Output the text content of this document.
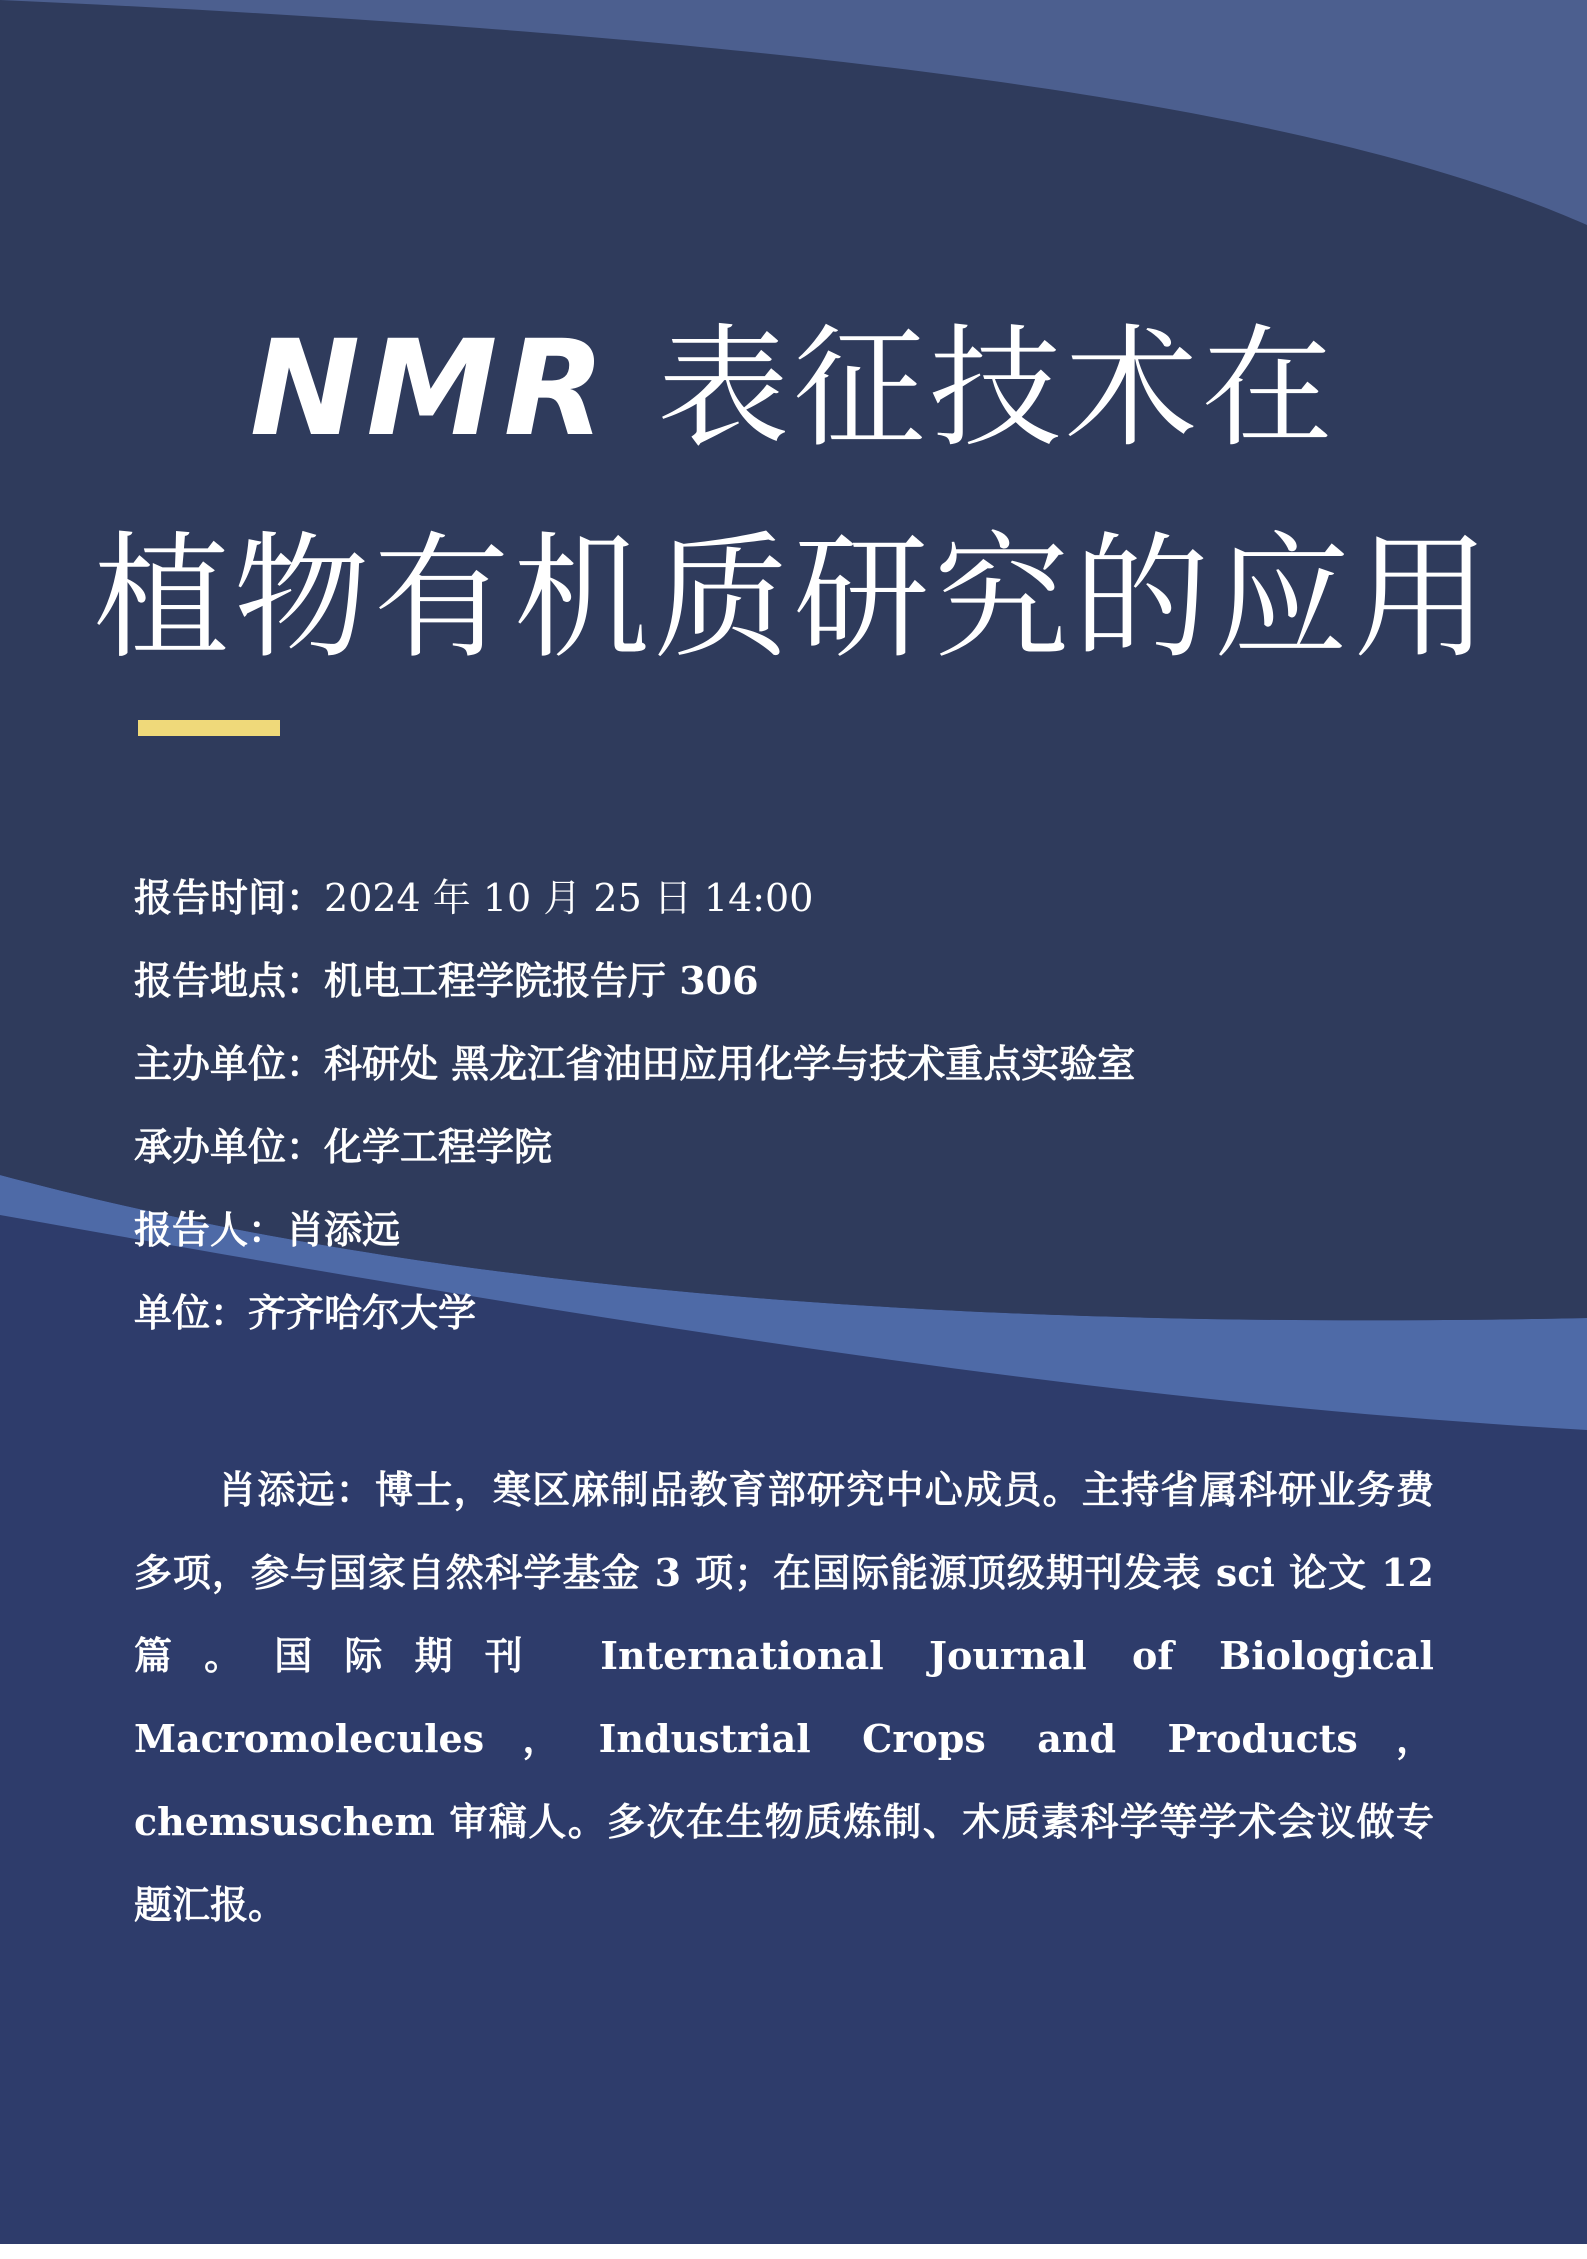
NMR 表征技术在
植物有机质研究的应用
报告时间：2024 年 10 月 25 日 14:00
报告地点：机电工程学院报告厅 306
主办单位：科研处 黑龙江省油田应用化学与技术重点实验室
承办单位：化学工程学院
报告人：肖添远
单位：齐齐哈尔大学
肖添远：博士，寒区麻制品教育部研究中心成员。主持省属科研业务费多项，参与国家自然科学基金 3 项；在国际能源顶级期刊发表 sci 论文 12 篇。国际期刊 International Journal of Biological Macromolecules，Industrial Crops and Products，chemsuschem 审稿人。多次在生物质炼制、木质素科学等学术会议做专题汇报。
